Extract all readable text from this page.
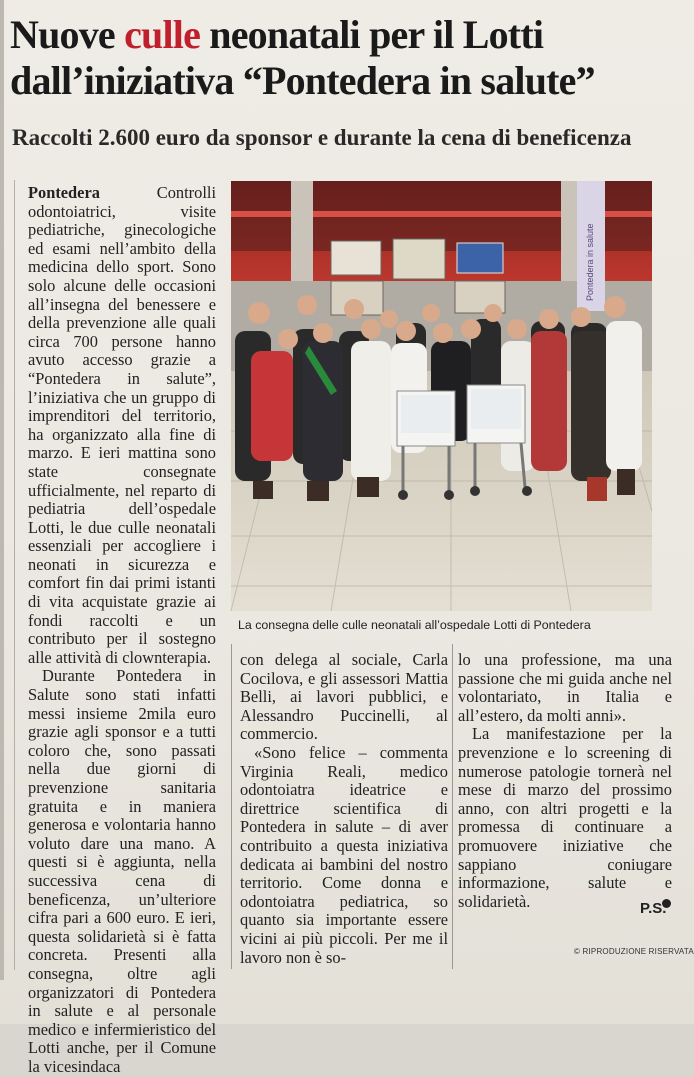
Nuove culle neonatali per il Lotti dall’iniziativa “Pontedera in salute”
Raccolti 2.600 euro da sponsor e durante la cena di beneficenza

Pontedera Controlli odontoiatrici, visite pediatriche, ginecologiche ed esami nell’ambito della medicina dello sport. Sono solo alcune delle occasioni all’insegna del benessere e della prevenzione alle quali circa 700 persone hanno avuto accesso grazie a “Pontedera in salute”, l’iniziativa che un gruppo di imprenditori del territorio, ha organizzato alla fine di marzo. E ieri mattina sono state consegnate ufficialmente, nel reparto di pediatria dell’ospedale Lotti, le due culle neonatali essenziali per accogliere i neonati in sicurezza e comfort fin dai primi istanti di vita acquistate grazie ai fondi raccolti e un contributo per il sostegno alle attività di clownterapia.

Durante Pontedera in Salute sono stati infatti messi insieme 2mila euro grazie agli sponsor e a tutti coloro che, sono passati nella due giorni di prevenzione sanitaria gratuita e in maniera generosa e volontaria hanno voluto dare una mano. A questi si è aggiunta, nella successiva cena di beneficenza, un’ulteriore cifra pari a 600 euro. E ieri, questa solidarietà si è fatta concreta. Presenti alla consegna, oltre agli organizzatori di Pontedera in salute e al personale medico e infermieristico del Lotti anche, per il Comune la vicesindaca

Pontedera in salute
La consegna delle culle neonatali all’ospedale Lotti di Pontedera

con delega al sociale, Carla Cocilova, e gli assessori Mattia Belli, ai lavori pubblici, e Alessandro Puccinelli, al commercio.

«Sono felice – commenta Virginia Reali, medico odontoiatra ideatrice e direttrice scientifica di Pontedera in salute – di aver contribuito a questa iniziativa dedicata ai bambini del nostro territorio. Come donna e odontoiatra pediatrica, so quanto sia importante essere vicini ai più piccoli. Per me il lavoro non è so-

lo una professione, ma una passione che mi guida anche nel volontariato, in Italia e all’estero, da molti anni».

La manifestazione per la prevenzione e lo screening di numerose patologie tornerà nel mese di marzo del prossimo anno, con altri progetti e la promessa di continuare a promuovere iniziative che sappiano coniugare informazione, salute e solidarietà.	P.S.
© RIPRODUZIONE RISERVATA
